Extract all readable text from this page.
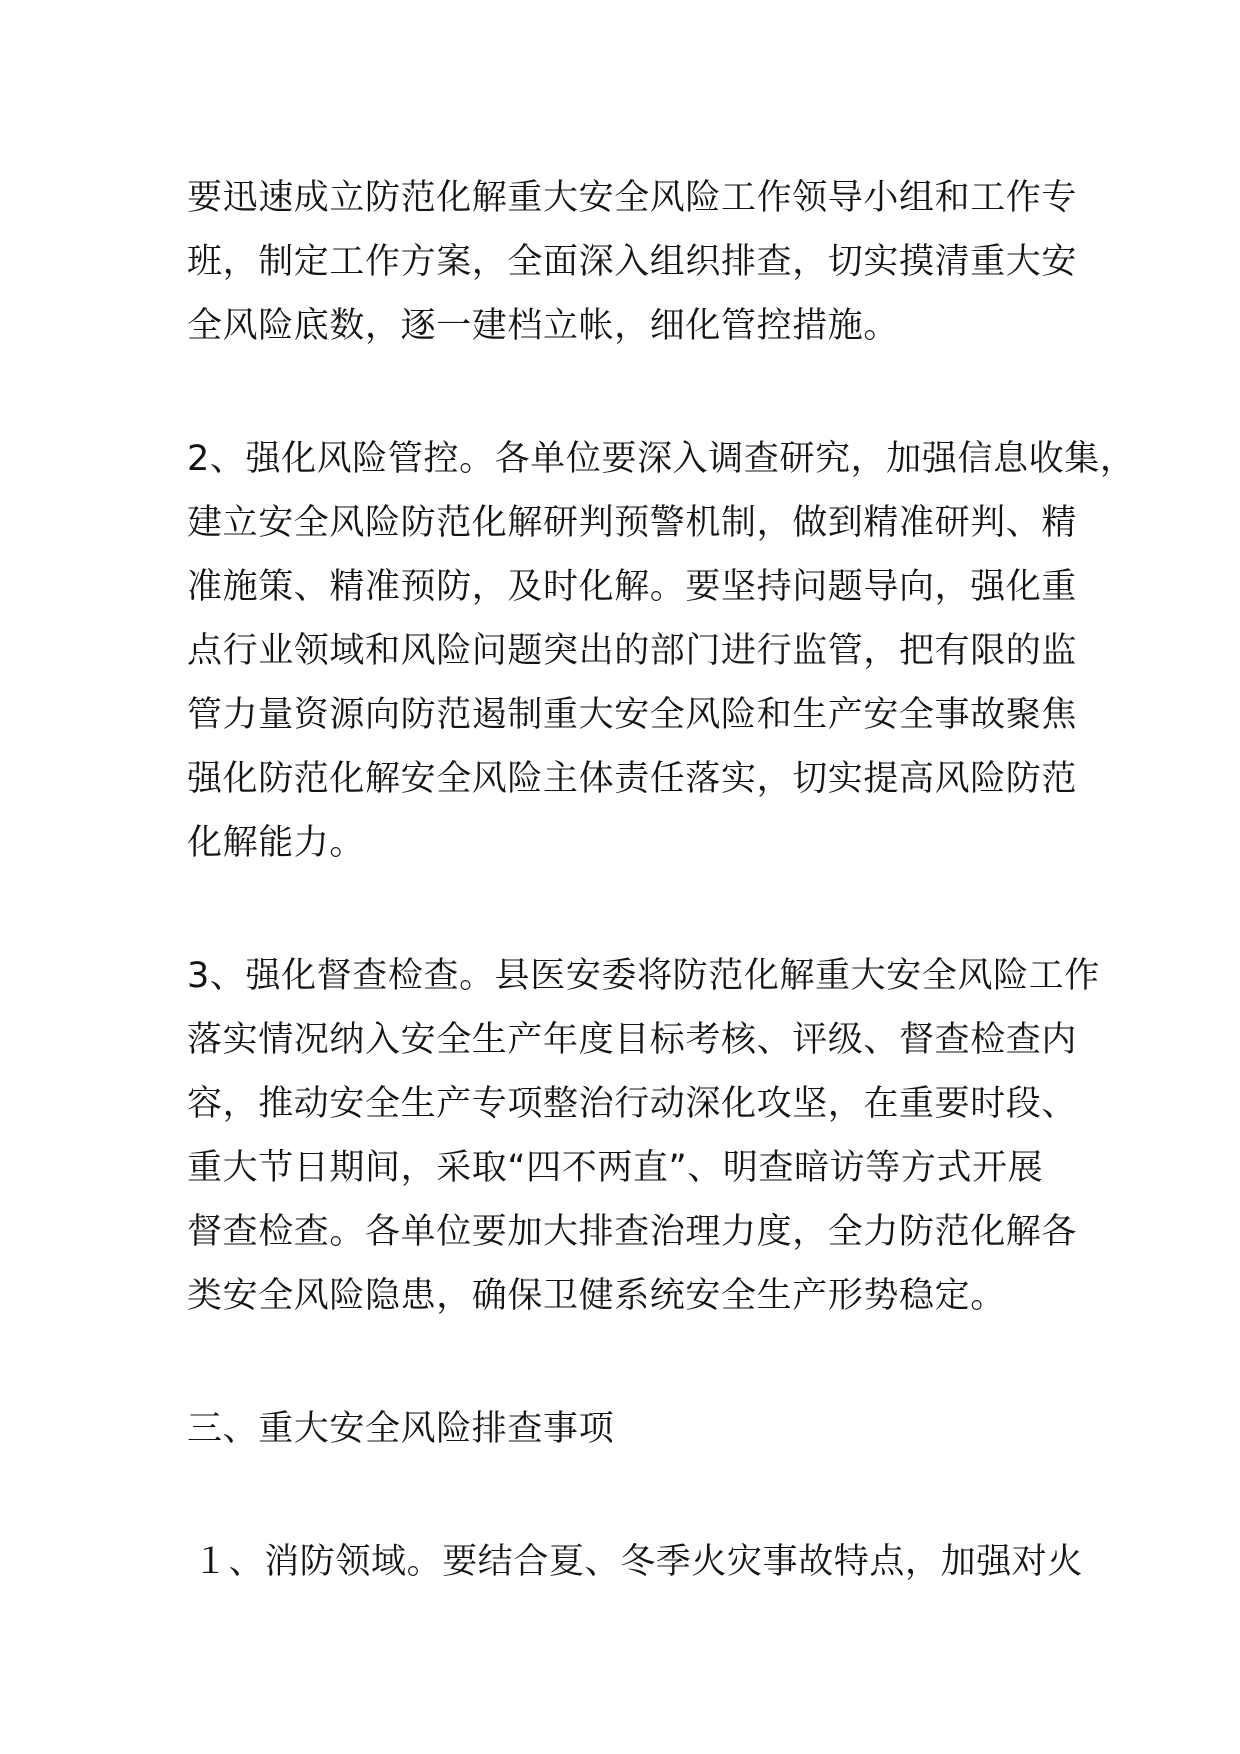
要迅速成立防范化解重大安全风险工作领导小组和工作专
班，制定工作方案，全面深入组织排查，切实摸清重大安
全风险底数，逐一建档立帐，细化管控措施。
2、强化风险管控。各单位要深入调查研究，加强信息收集，
建立安全风险防范化解研判预警机制，做到精准研判、精
准施策、精准预防，及时化解。要坚持问题导向，强化重
点行业领域和风险问题突出的部门进行监管，把有限的监
管力量资源向防范遏制重大安全风险和生产安全事故聚焦
强化防范化解安全风险主体责任落实，切实提高风险防范
化解能力。
3、强化督查检查。县医安委将防范化解重大安全风险工作
落实情况纳入安全生产年度目标考核、评级、督查检查内
容，推动安全生产专项整治行动深化攻坚，在重要时段、
重大节日期间，采取“四不两直”、明查暗访等方式开展
督查检查。各单位要加大排查治理力度，全力防范化解各
类安全风险隐患，确保卫健系统安全生产形势稳定。
三、重大安全风险排查事项
１、消防领域。要结合夏、冬季火灾事故特点，加强对火
